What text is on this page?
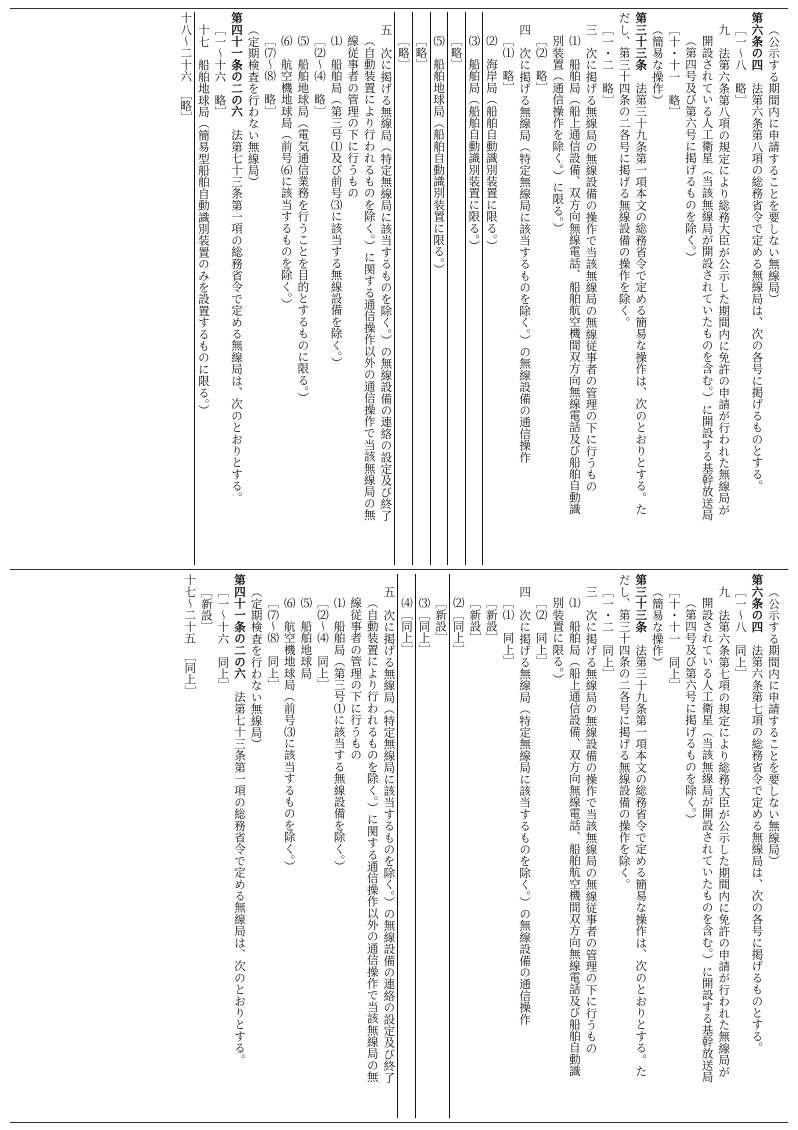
（公示する期間内に申請することを要しない無線局）
第六条の四　法第六条第八項の総務省令で定める無線局は、次の各号に掲げるものとする。
［一～八　略］
九　法第六条第八項の規定により総務大臣が公示した期間内に免許の申請が行われた無線局が
開設されている人工衛星（当該無線局が開設されていたものを含む。）に開設する基幹放送局
（第四号及び第六号に掲げるものを除く。）
［十・十一　略］
（簡易な操作）
第三十三条　法第三十九条第一項本文の総務省令で定める簡易な操作は、次のとおりとする。た
だし、第三十四条の二各号に掲げる無線設備の操作を除く。
［一・二　略］
三　次に掲げる無線局の無線設備の操作で当該無線局の無線従事者の管理の下に行うもの
⑴　船舶局（船上通信設備、双方向無線電話、船舶航空機間双方向無線電話及び船舶自動識
別装置（通信操作を除く。）に限る。）
［⑵　略］
四　次に掲げる無線局（特定無線局に該当するものを除く。）の無線設備の通信操作
［⑴　略］
⑵　海岸局（船舶自動識別装置に限る。）
⑶　船舶局（船舶自動識別装置に限る。）
［略］
⑸　船舶地球局（船舶自動識別装置に限る。）
［略］
［略］
五　次に掲げる無線局（特定無線局に該当するものを除く。）の無線設備の連絡の設定及び終了
（自動装置により行われるものを除く。）に関する通信操作以外の通信操作で当該無線局の無
線従事者の管理の下に行うもの
⑴　船舶局（第三号⑴及び前号⑶に該当する無線設備を除く。）
［⑵～⑷　略］
⑸　船舶地球局（電気通信業務を行うことを目的とするものに限る。）
⑹　航空機地球局（前号⑹に該当するものを除く。）
［⑺～⑻　略］
（定期検査を行わない無線局）
第四十一条の二の六　法第七十三条第一項の総務省令で定める無線局は、次のとおりとする。
［一～十六　略］
十七　船舶地球局（簡易型船舶自動識別装置のみを設置するものに限る。）
十八～二十六　［略］
（公示する期間内に申請することを要しない無線局）
第六条の四　法第六条第七項の総務省令で定める無線局は、次の各号に掲げるものとする。
［一～八　同上］
九　法第六条第七項の規定により総務大臣が公示した期間内に免許の申請が行われた無線局が
開設されている人工衛星（当該無線局が開設されていたものを含む。）に開設する基幹放送局
（第四号及び第六号に掲げるものを除く。）
［十・十一　同上］
（簡易な操作）
第三十三条　法第三十九条第一項本文の総務省令で定める簡易な操作は、次のとおりとする。た
だし、第三十四条の二各号に掲げる無線設備の操作を除く。
［一・二　同上］
三　次に掲げる無線局の無線設備の操作で当該無線局の無線従事者の管理の下に行うもの
⑴　船舶局（船上通信設備、双方向無線電話、船舶航空機間双方向無線電話及び船舶自動識
別装置に限る。）
［⑵　同上］
四　次に掲げる無線局（特定無線局に該当するものを除く。）の無線設備の通信操作
［⑴　同上］
［新設］
［新設］
⑵［同上］
［新設］
⑶［同上］
⑷［同上］
五　次に掲げる無線局（特定無線局に該当するものを除く。）の無線設備の連絡の設定及び終了
（自動装置により行われるものを除く。）に関する通信操作以外の通信操作で当該無線局の無
線従事者の管理の下に行うもの
⑴　船舶局（第三号⑴に該当する無線設備を除く。）
［⑵～⑷　同上］
⑸　船舶地球局
⑹　航空機地球局（前号⑶に該当するものを除く。）
［⑺～⑻　同上］
（定期検査を行わない無線局）
第四十一条の二の六　法第七十三条第一項の総務省令で定める無線局は、次のとおりとする。
［一～十六　同上］
［新設］
十七～二十五　［同上］
